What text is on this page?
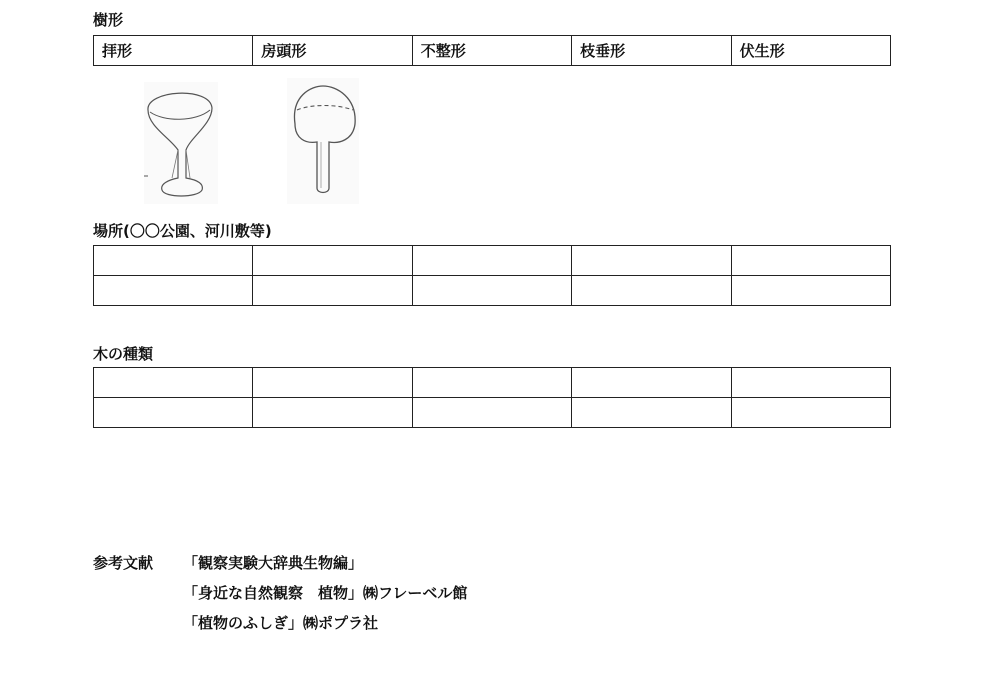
樹形
拝形	房頭形	不整形	枝垂形	伏生形
場所(〇〇公園、河川敷等)

木の種類

参考文献 「観察実験大辞典生物編」
「身近な自然観察　植物」㈱フレーベル館
「植物のふしぎ」㈱ポプラ社
